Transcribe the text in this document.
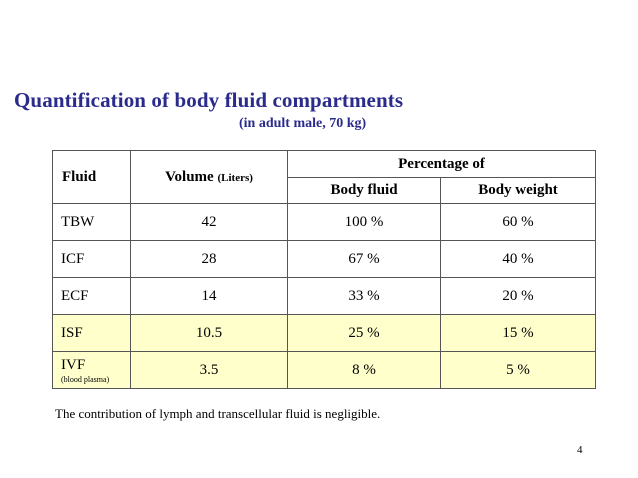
Quantification of body fluid compartments
(in adult male, 70 kg)
Fluid	Volume (Liters)	Percentage of	
		Body fluid	Body weight
TBW	42	100 %	60 %
ICF	28	67 %	40 %
ECF	14	33 %	20 %
ISF	10.5	25 %	15 %
IVF
(blood plasma)	3.5	8 %	5 %
The contribution of lymph and transcellular fluid is negligible.
4
